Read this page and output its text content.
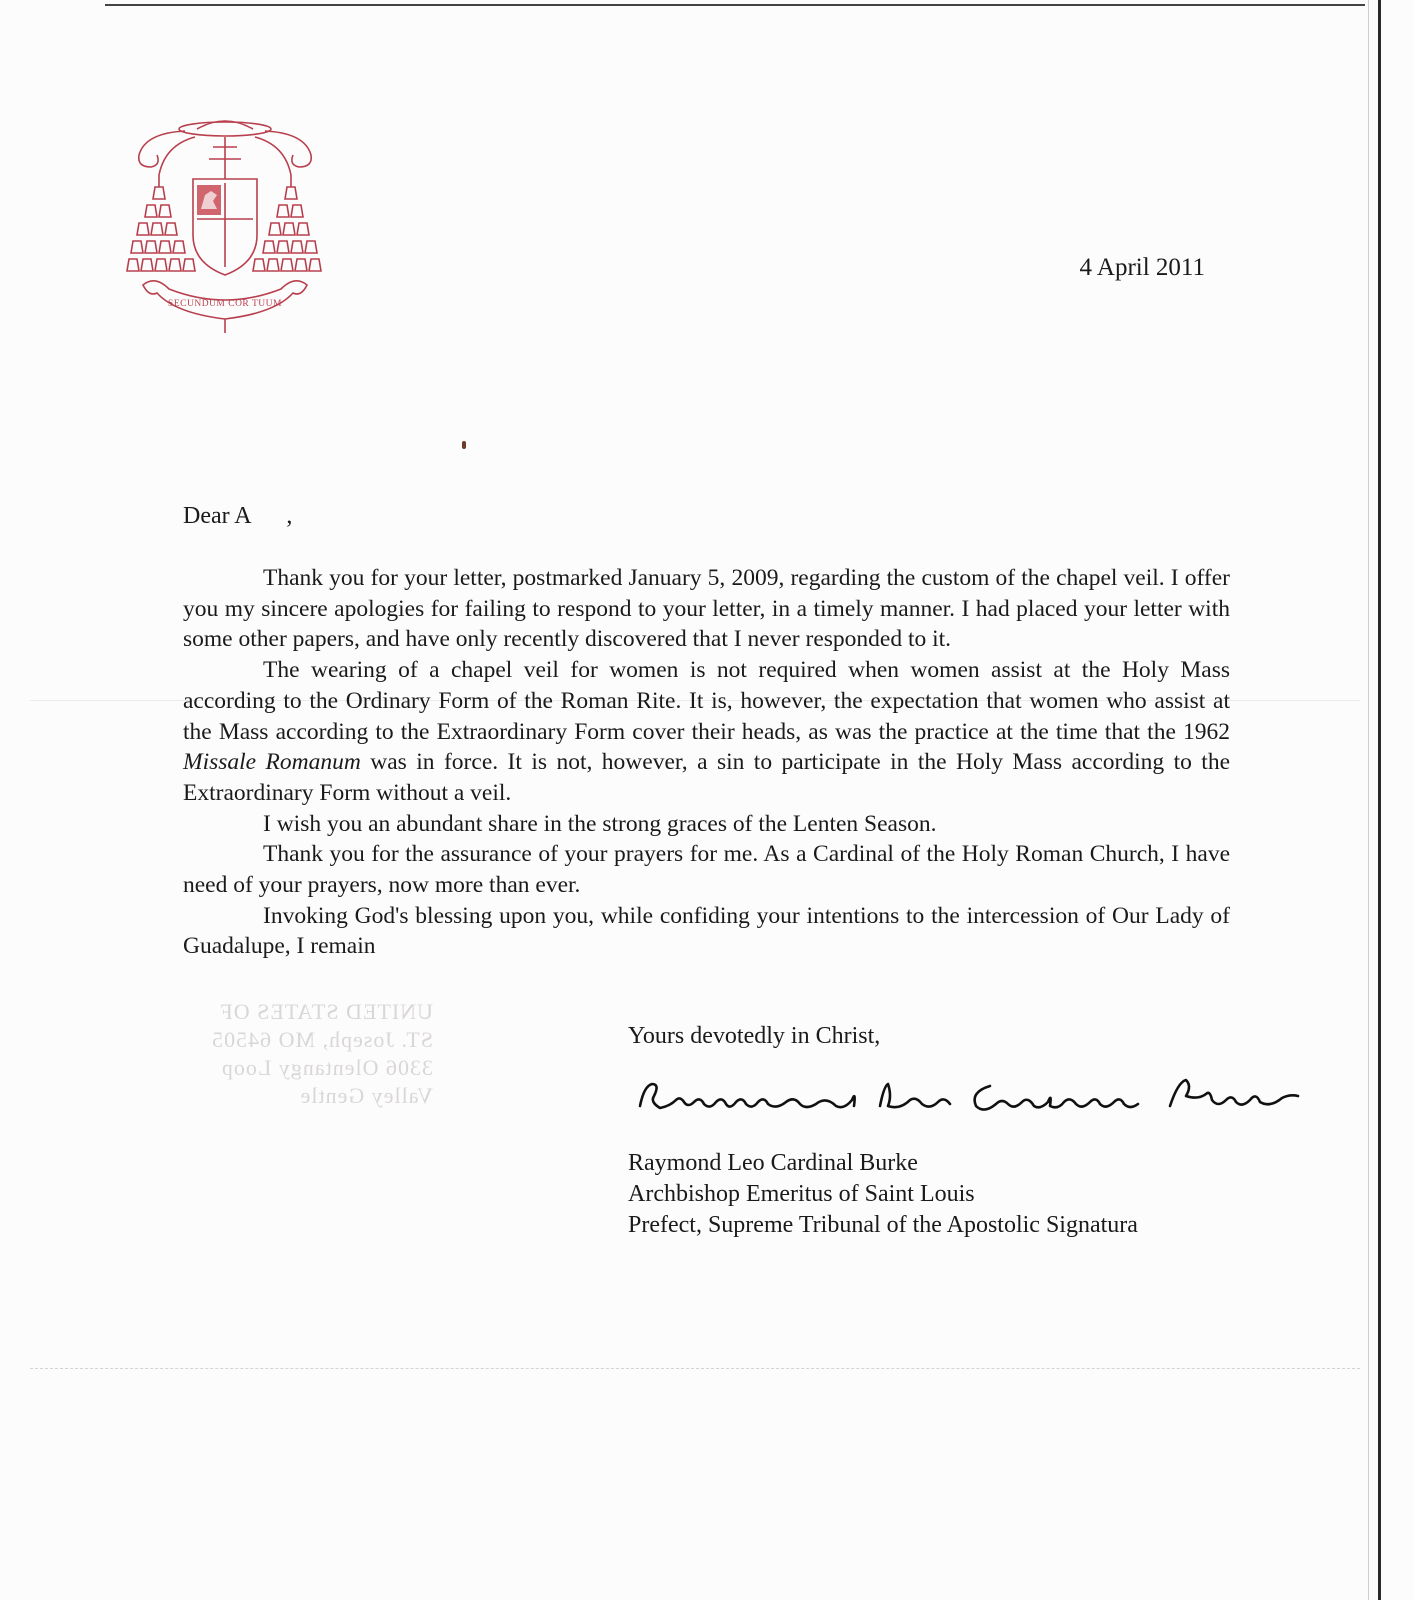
SECUNDUM COR TUUM
4 April 2011
Dear A      ,

Thank you for your letter, postmarked January 5, 2009, regarding the custom of the chapel veil. I offer you my sincere apologies for failing to respond to your letter, in a timely manner. I had placed your letter with some other papers, and have only recently discovered that I never responded to it.

The wearing of a chapel veil for women is not required when women assist at the Holy Mass according to the Ordinary Form of the Roman Rite. It is, however, the expectation that women who assist at the Mass according to the Extraordinary Form cover their heads, as was the practice at the time that the 1962 Missale Romanum was in force. It is not, however, a sin to participate in the Holy Mass according to the Extraordinary Form without a veil.

I wish you an abundant share in the strong graces of the Lenten Season.

Thank you for the assurance of your prayers for me. As a Cardinal of the Holy Roman Church, I have need of your prayers, now more than ever.

Invoking God's blessing upon you, while confiding your intentions to the intercession of Our Lady of Guadalupe, I remain

UNITED STATES OF
ST. Joseph, MO 64505
3306 Olentangy Loop
Valley Gentle
Yours devotedly in Christ,
Raymond Leo Cardinal Burke
Raymond Leo Cardinal Burke
Archbishop Emeritus of Saint Louis
Prefect, Supreme Tribunal of the Apostolic Signatura
